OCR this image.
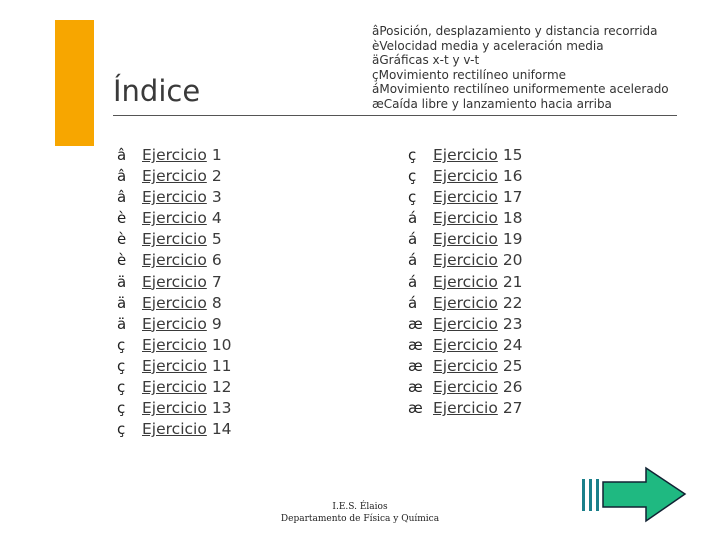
Índice
âPosición, desplazamiento y distancia recorrida
èVelocidad media y aceleración media
äGráficas x-t y v-t
çMovimiento rectilíneo uniforme
áMovimiento rectilíneo uniformemente acelerado
æCaída libre y lanzamiento hacia arriba
â	Ejercicio 1
â	Ejercicio 2
â	Ejercicio 3
è	Ejercicio 4
è	Ejercicio 5
è	Ejercicio 6
ä	Ejercicio 7
ä	Ejercicio 8
ä	Ejercicio 9
ç	Ejercicio 10
ç	Ejercicio 11
ç	Ejercicio 12
ç	Ejercicio 13
ç	Ejercicio 14
ç	Ejercicio 15
ç	Ejercicio 16
ç	Ejercicio 17
á	Ejercicio 18
á	Ejercicio 19
á	Ejercicio 20
á	Ejercicio 21
á	Ejercicio 22
æ Ejercicio 23
æ Ejercicio 24
æ Ejercicio 25
æ Ejercicio 26
æ Ejercicio 27
I.E.S. Élaios
Departamento de Física y Química
